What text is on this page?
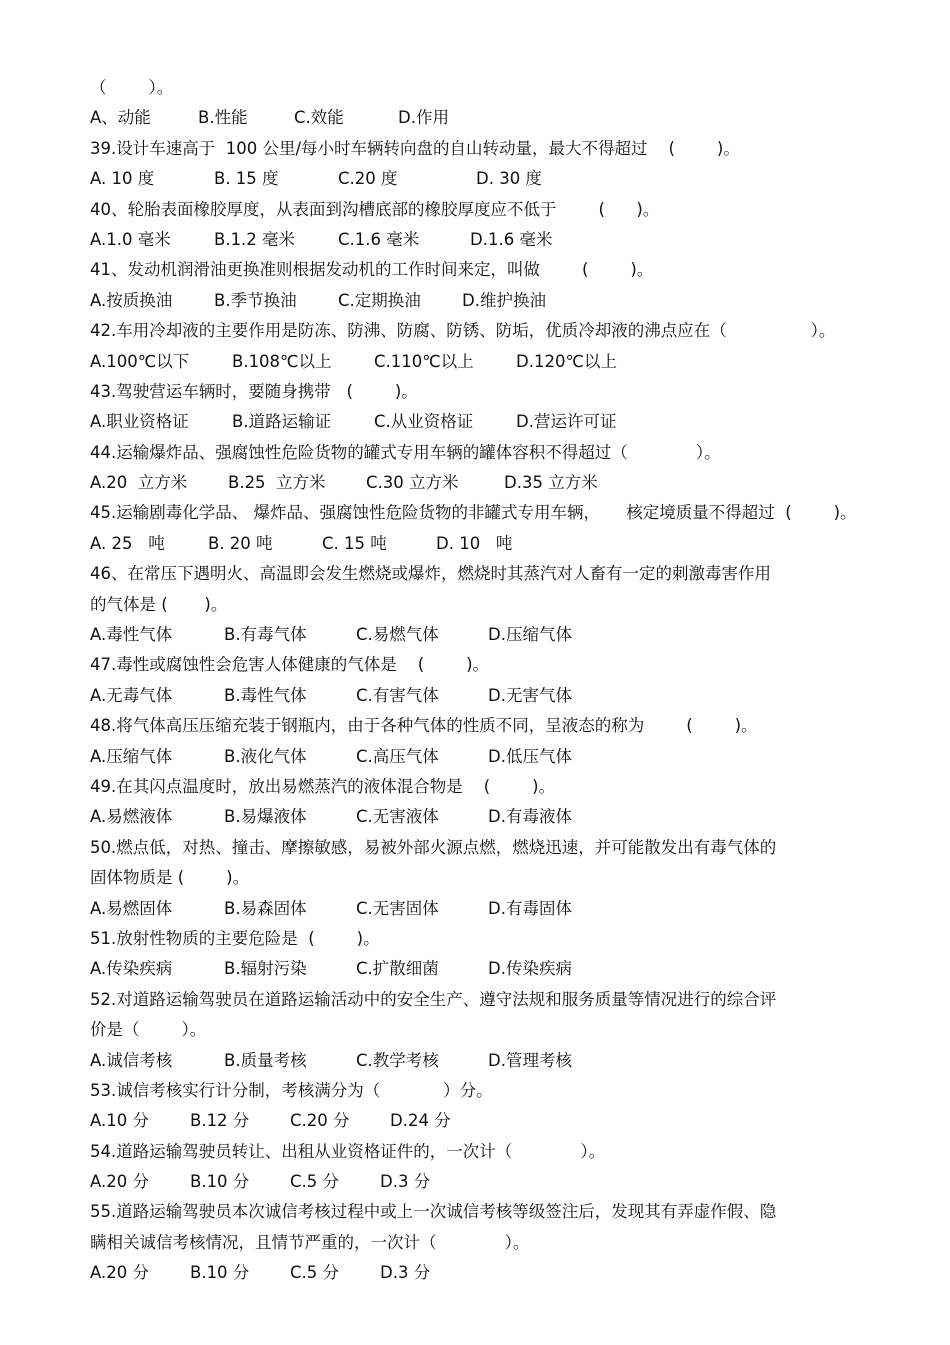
（        ）。
A、动能	B.性能	C.效能	D.作用
39.设计车速高于  100 公里/每小时车辆转向盘的自山转动量，最大不得超过    (        )。
A. 10 度	B. 15 度	C.20 度	D. 30 度
40、轮胎表面橡胶厚度，从表面到沟槽底部的橡胶厚度应不低于        (      )。
A.1.0 毫米	B.1.2 毫米	C.1.6 毫米	D.1.6 毫米
41、发动机润滑油更换准则根据发动机的工作时间来定，叫做        (        )。
A.按质换油	B.季节换油	C.定期换油 D.维护换油
42.车用冷却液的主要作用是防冻、防沸、防腐、防锈、防垢，优质冷却液的沸点应在（                ）。
A.100℃以下	B.108℃以上	C.110℃以上	D.120℃以上
43.驾驶营运车辆时，要随身携带   (        )。
A.职业资格证	B.道路运输证	C.从业资格证	D.营运许可证
44.运输爆炸品、强腐蚀性危险货物的罐式专用车辆的罐体容积不得超过（             ）。
A.20  立方米 B.25  立方米 C.30 立方米	D.35 立方米
45.运输剧毒化学品、 爆炸品、强腐蚀性危险货物的非罐式专用车辆，     核定境质量不得超过  (        )。
A. 25   吨	B. 20 吨	C. 15 吨	D. 10   吨
46、在常压下遇明火、高温即会发生燃烧或爆炸，燃烧时其蒸汽对人畜有一定的刺激毒害作用
的气体是 (       )。
A.毒性气体	B.有毒气体	C.易燃气体	D.压缩气体
47.毒性或腐蚀性会危害人体健康的气体是    (        )。
A.无毒气体	B.毒性气体	C.有害气体	D.无害气体
48.将气体高压压缩充装于钢瓶内，由于各种气体的性质不同，呈液态的称为        (        )。
A.压缩气体	B.液化气体	C.高压气体	D.低压气体
49.在其闪点温度时，放出易燃蒸汽的液体混合物是    (        )。
A.易燃液体	B.易爆液体	C.无害液体	D.有毒液体
50.燃点低，对热、撞击、摩擦敏感，易被外部火源点燃，燃烧迅速，并可能散发出有毒气体的
固体物质是 (        )。
A.易燃固体	B.易森固体	C.无害固体	D.有毒固体
51.放射性物质的主要危险是  (        )。
A.传染疾病	B.辐射污染	C.扩散细菌	D.传染疾病
52.对道路运输驾驶员在道路运输活动中的安全生产、遵守法规和服务质量等情况进行的综合评
价是（        ）。
A.诚信考核	B.质量考核	C.教学考核	D.管理考核
53.诚信考核实行计分制，考核满分为（            ）分。
A.10 分 B.12 分 C.20 分 D.24 分
54.道路运输驾驶员转让、出租从业资格证件的，一次计（             ）。
A.20 分 B.10 分 C.5 分 D.3 分
55.道路运输驾驶员本次诚信考核过程中或上一次诚信考核等级签注后，发现其有弄虚作假、隐
瞒相关诚信考核情况，且情节严重的，一次计（             ）。
A.20 分 B.10 分 C.5 分 D.3 分
